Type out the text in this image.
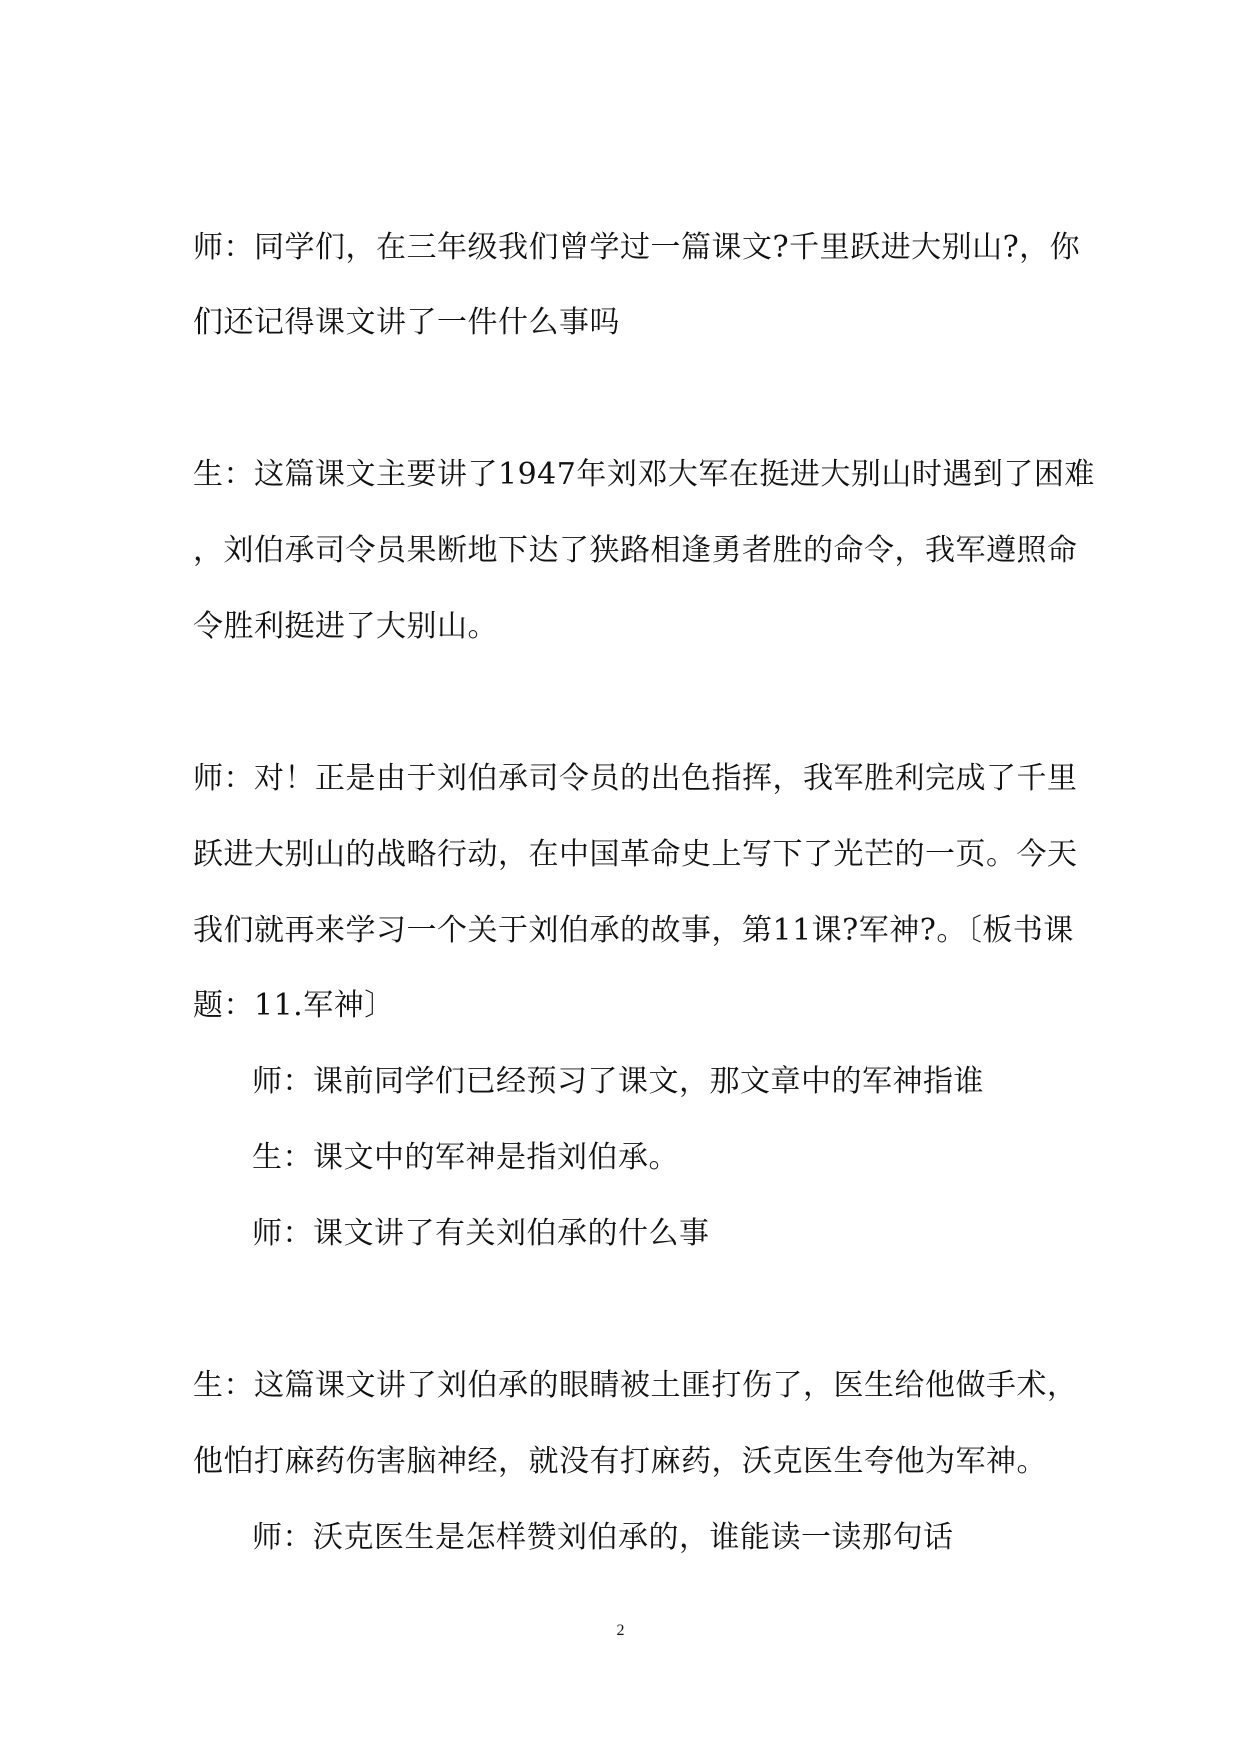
师：同学们，在三年级我们曾学过一篇课文?千里跃进大别山?，你
们还记得课文讲了一件什么事吗
生：这篇课文主要讲了1947年刘邓大军在挺进大别山时遇到了困难
，刘伯承司令员果断地下达了狭路相逢勇者胜的命令，我军遵照命
令胜利挺进了大别山。
师：对！正是由于刘伯承司令员的出色指挥，我军胜利完成了千里
跃进大别山的战略行动，在中国革命史上写下了光芒的一页。今天
我们就再来学习一个关于刘伯承的故事，第11课?军神?。〔板书课
题：11.军神〕
师：课前同学们已经预习了课文，那文章中的军神指谁
生：课文中的军神是指刘伯承。
师：课文讲了有关刘伯承的什么事
生：这篇课文讲了刘伯承的眼睛被土匪打伤了，医生给他做手术，
他怕打麻药伤害脑神经，就没有打麻药，沃克医生夸他为军神。
师：沃克医生是怎样赞刘伯承的，谁能读一读那句话
2
